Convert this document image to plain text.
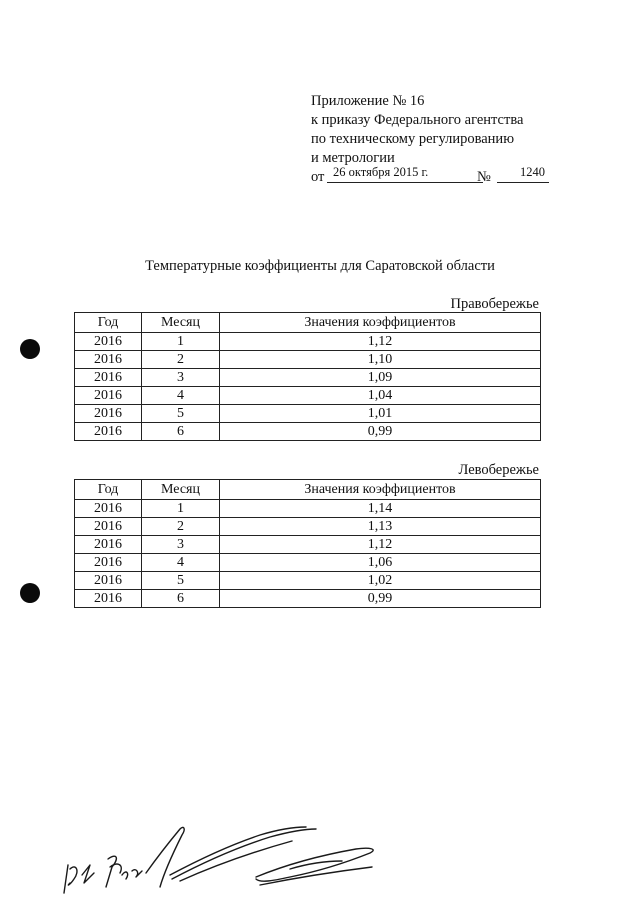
Приложение № 16
к приказу Федерального агентства
по техническому регулированию
и метрологии
от 26 октября 2015 г.	№	1240
Температурные коэффициенты для Саратовской области
Правобережье
Год	Месяц	Значения коэффициентов
2016	1	1,12
2016	2	1,10
2016	3	1,09
2016	4	1,04
2016	5	1,01
2016	6	0,99
Левобережье
Год	Месяц	Значения коэффициентов
2016	1	1,14
2016	2	1,13
2016	3	1,12
2016	4	1,06
2016	5	1,02
2016	6	0,99
